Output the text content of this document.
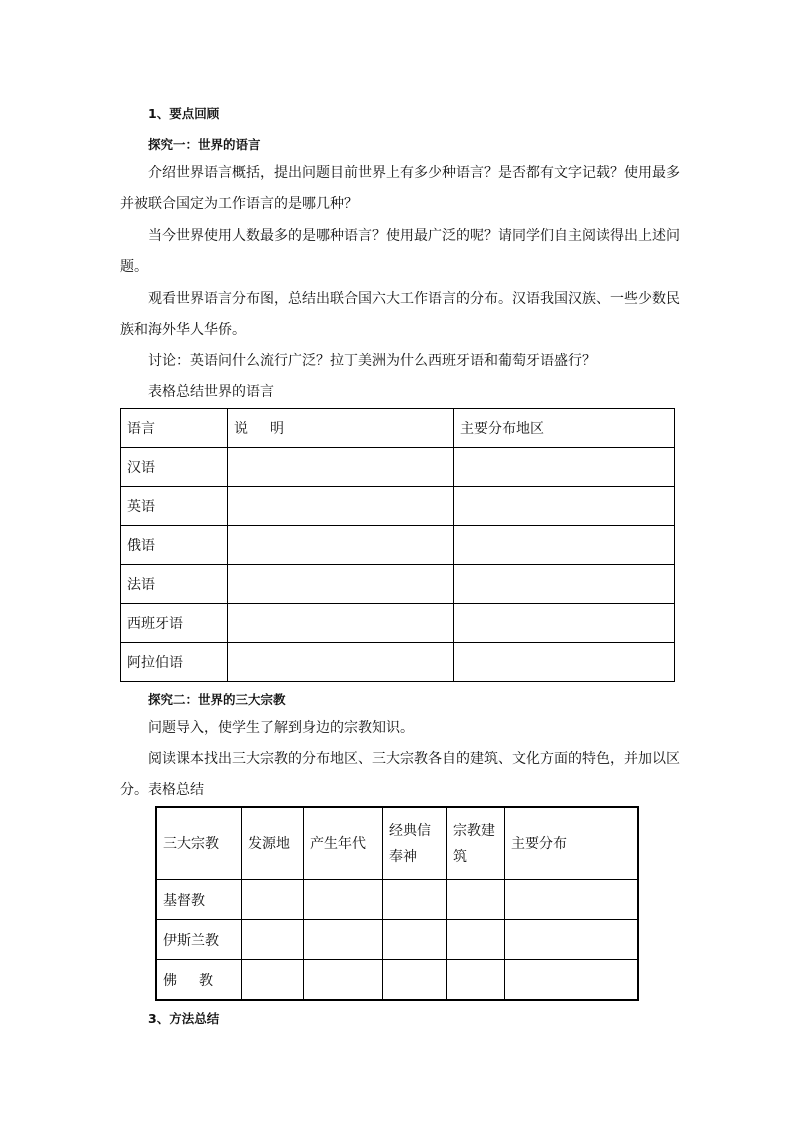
1、要点回顾
探究一：世界的语言

介绍世界语言概括，提出问题目前世界上有多少种语言？是否都有文字记载？使用最多并被联合国定为工作语言的是哪几种？

当今世界使用人数最多的是哪种语言？使用最广泛的呢？请同学们自主阅读得出上述问题。

观看世界语言分布图，总结出联合国六大工作语言的分布。汉语我国汉族、一些少数民族和海外华人华侨。

讨论：英语问什么流行广泛？拉丁美洲为什么西班牙语和葡萄牙语盛行？

表格总结世界的语言

语言	说明	主要分布地区
汉语		
英语		
俄语		
法语		
西班牙语		
阿拉伯语		
探究二：世界的三大宗教

问题导入，使学生了解到身边的宗教知识。

阅读课本找出三大宗教的分布地区、三大宗教各自的建筑、文化方面的特色，并加以区分。表格总结

三大宗教	发源地	产生年代	经典信奉神	宗教建筑	主要分布
基督教					
伊斯兰教					
佛教					
3、方法总结
